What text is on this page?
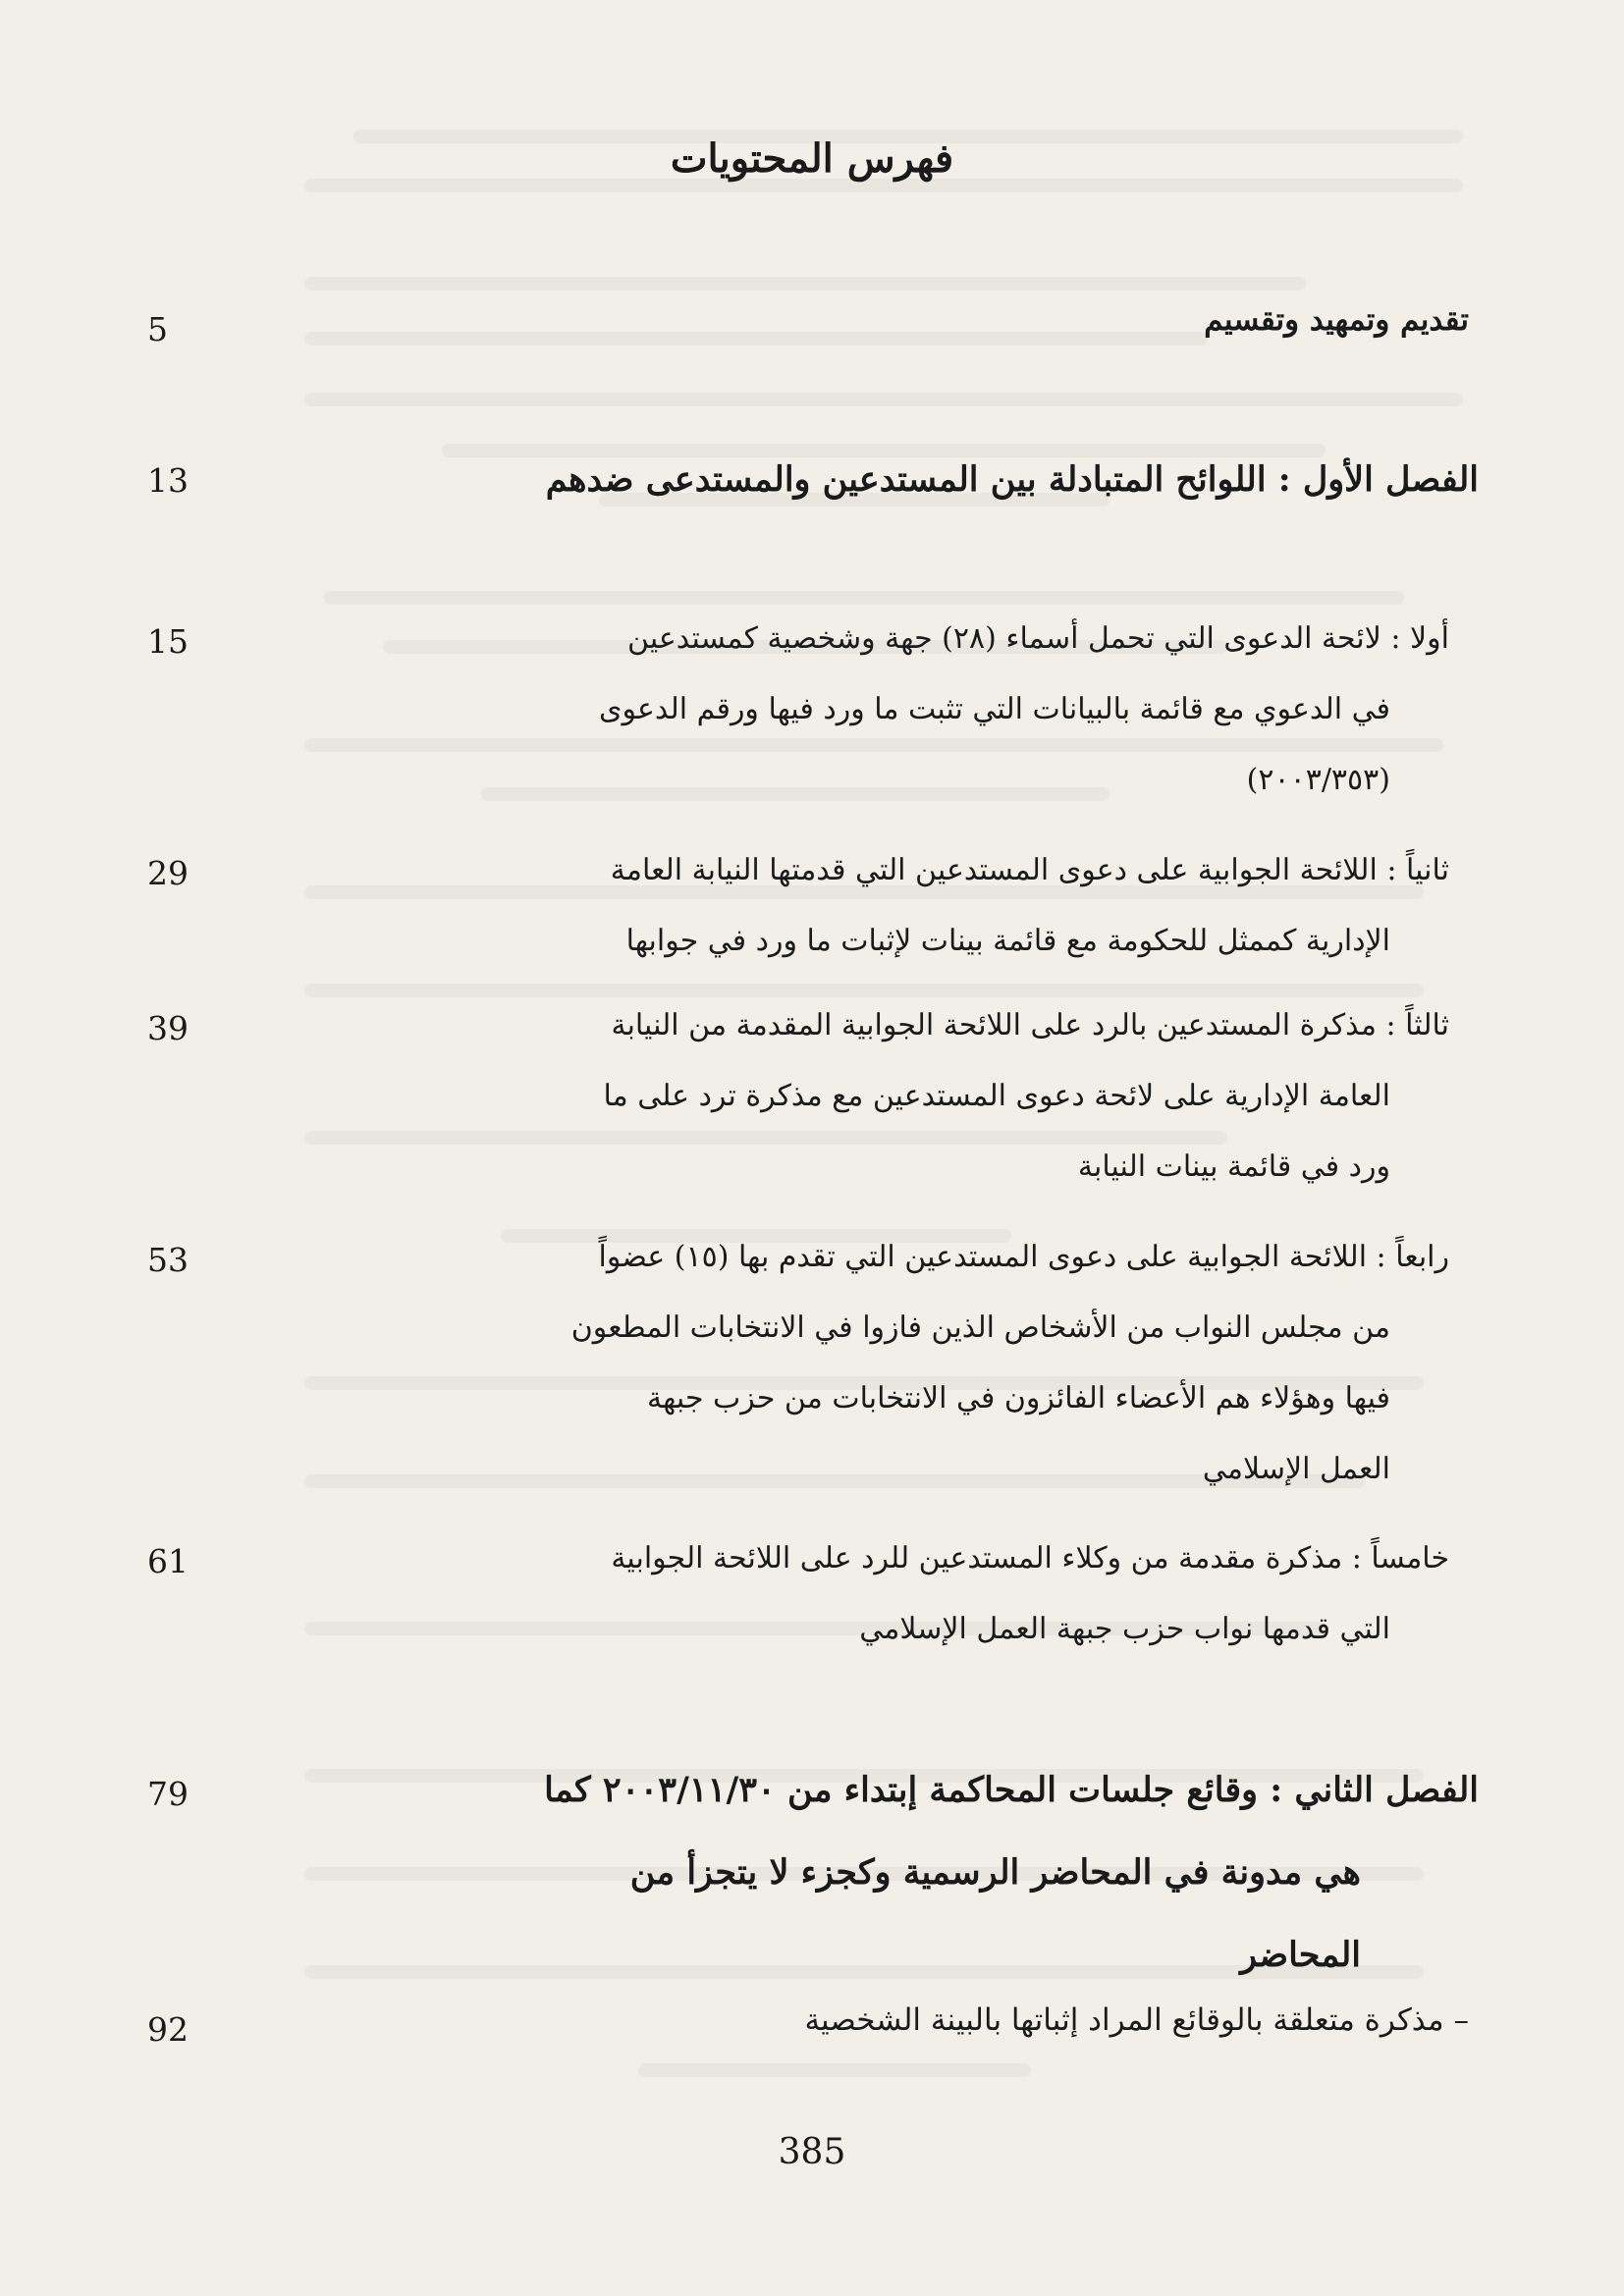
فهرس المحتويات
5	تقديم وتمهيد وتقسيم
13	الفصل الأول : اللوائح المتبادلة بين المستدعين والمستدعى ضدهم
15	أولا : لائحة الدعوى التي تحمل أسماء (٢٨) جهة وشخصية كمستدعين
في الدعوي مع قائمة بالبيانات التي تثبت ما ورد فيها ورقم الدعوى
(٢٠٠٣/٣٥٣)
29	ثانياً : اللائحة الجوابية على دعوى المستدعين التي قدمتها النيابة العامة
الإدارية كممثل للحكومة مع قائمة بينات لإثبات ما ورد في جوابها
39	ثالثاً : مذكرة المستدعين بالرد على اللائحة الجوابية المقدمة من النيابة
العامة الإدارية على لائحة دعوى المستدعين مع مذكرة ترد على ما
ورد في قائمة بينات النيابة
53	رابعاً : اللائحة الجوابية على دعوى المستدعين التي تقدم بها (١٥) عضواً
من مجلس النواب من الأشخاص الذين فازوا في الانتخابات المطعون
فيها وهؤلاء هم الأعضاء الفائزون في الانتخابات من حزب جبهة
العمل الإسلامي
61	خامساً : مذكرة مقدمة من وكلاء المستدعين للرد على اللائحة الجوابية
التي قدمها نواب حزب جبهة العمل الإسلامي
79	الفصل الثاني : وقائع جلسات المحاكمة إبتداء من ٢٠٠٣/١١/٣٠ كما
هي مدونة في المحاضر الرسمية وكجزء لا يتجزأ من
المحاضر
92	– مذكرة متعلقة بالوقائع المراد إثباتها بالبينة الشخصية
385
